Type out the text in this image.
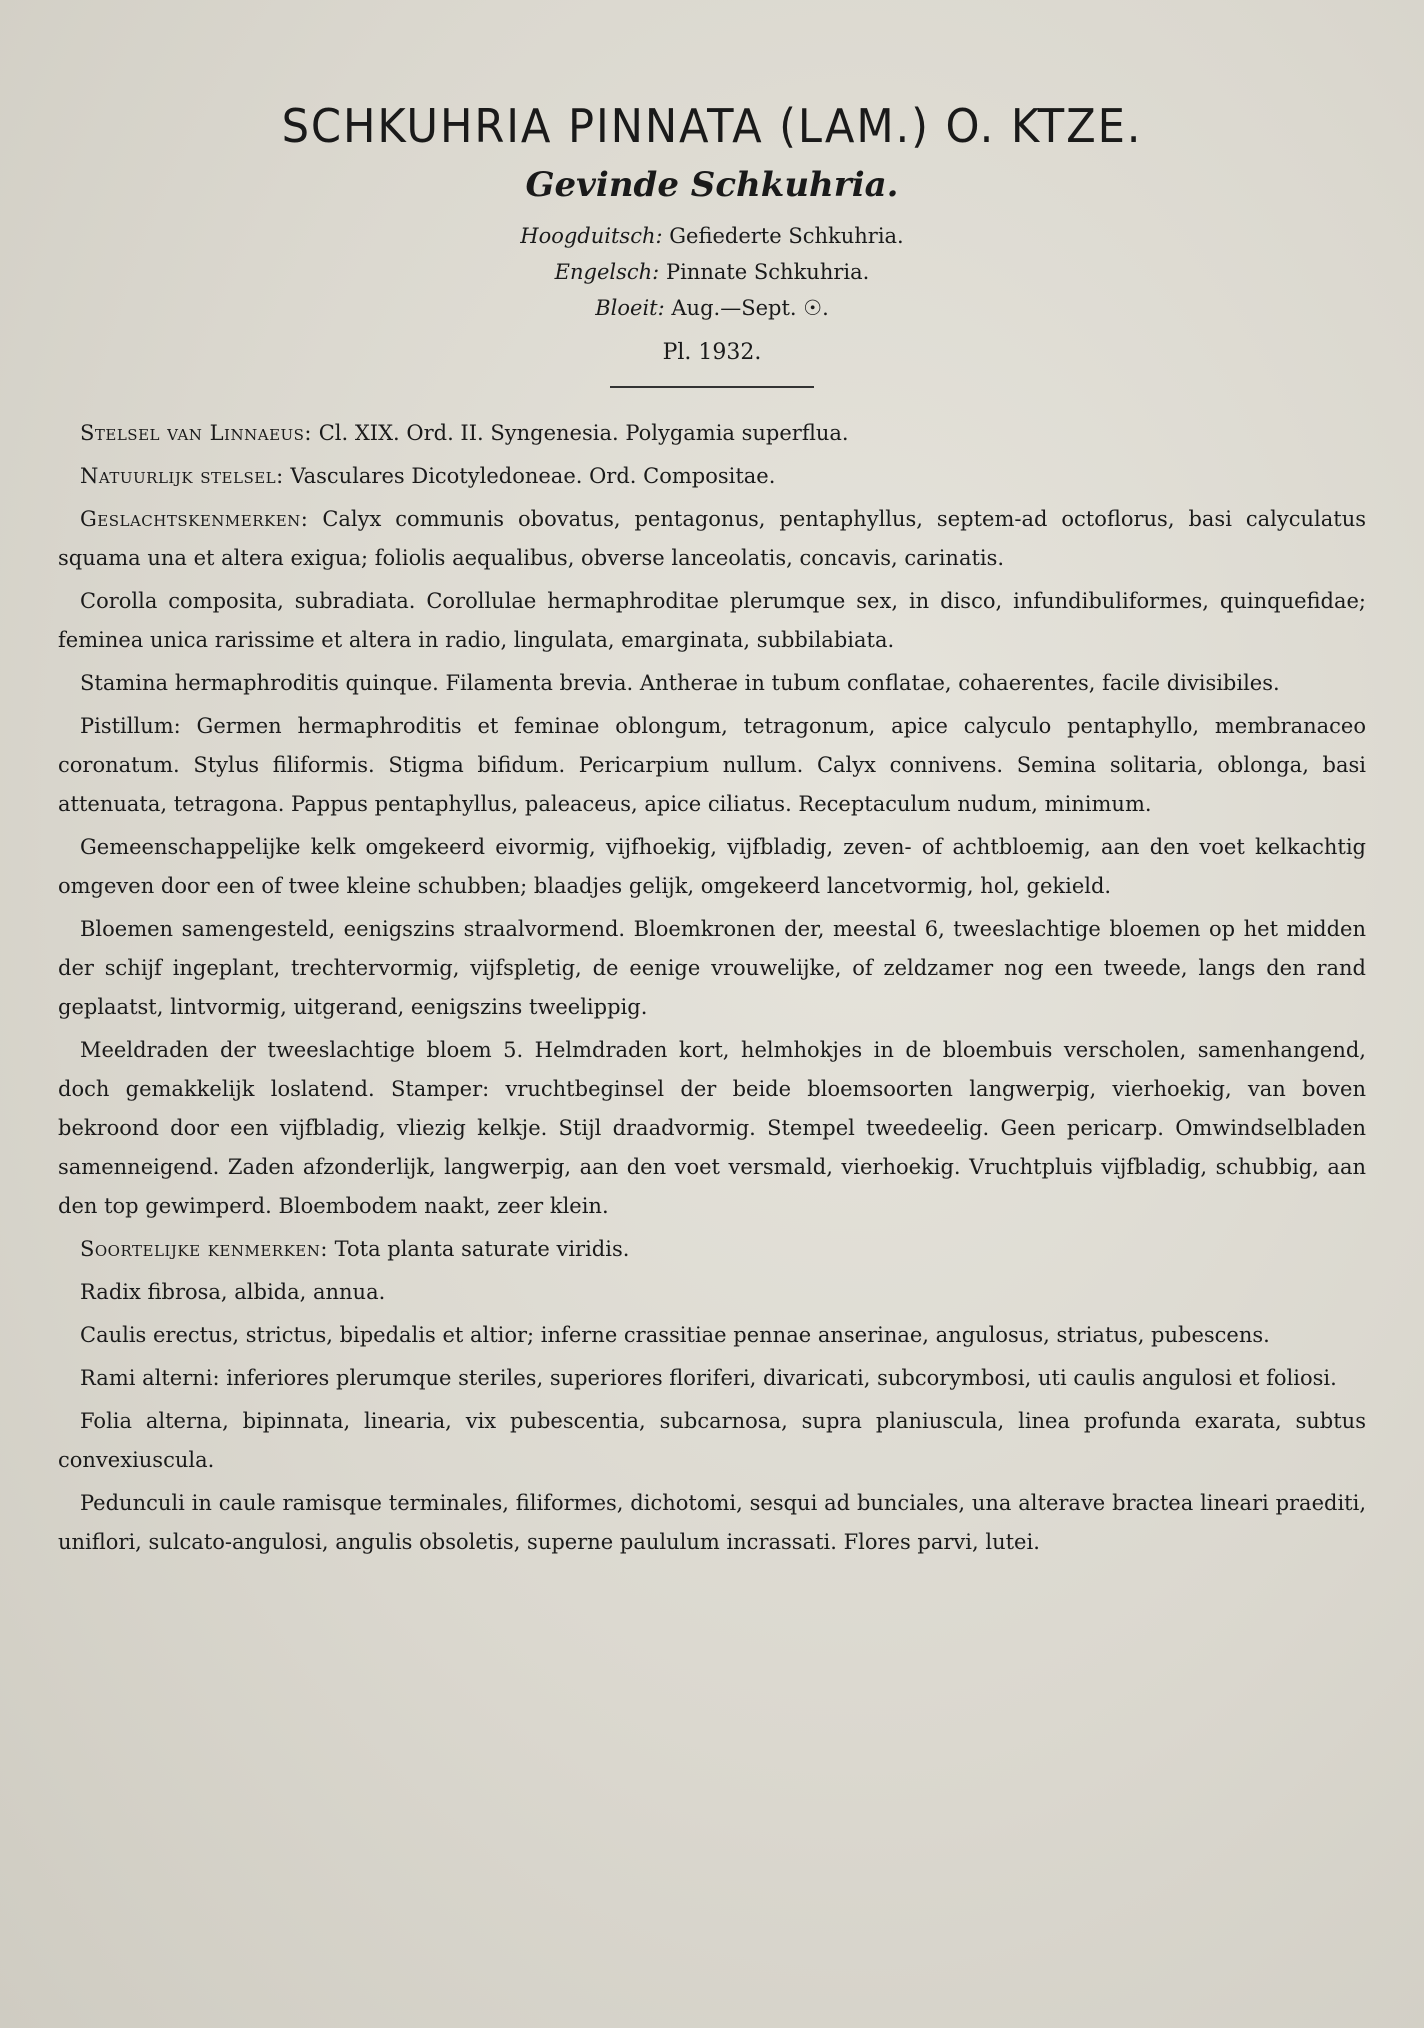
SCHKUHRIA PINNATA (LAM.) O. KTZE.
Gevinde Schkuhria.
Hoogduitsch: Gefiederte Schkuhria.
Engelsch: Pinnate Schkuhria.
Bloeit: Aug.—Sept. ☉.
Pl. 1932.

Stelsel van Linnaeus: Cl. XIX. Ord. II. Syngenesia. Polygamia superflua.

Natuurlijk stelsel: Vasculares Dicotyledoneae. Ord. Compositae.

Geslachtskenmerken: Calyx communis obovatus, pentagonus, pentaphyllus, septem-ad octoflorus, basi calyculatus squama una et altera exigua; foliolis aequalibus, obverse lanceolatis, concavis, carinatis.

Corolla composita, subradiata. Corollulae hermaphroditae plerumque sex, in disco, infundibuliformes, quinquefidae; feminea unica rarissime et altera in radio, lingulata, emarginata, subbilabiata.

Stamina hermaphroditis quinque. Filamenta brevia. Antherae in tubum conflatae, cohaerentes, facile divisibiles.

Pistillum: Germen hermaphroditis et feminae oblongum, tetragonum, apice calyculo pentaphyllo, membranaceo coronatum. Stylus filiformis. Stigma bifidum. Pericarpium nullum. Calyx connivens. Semina solitaria, oblonga, basi attenuata, tetragona. Pappus pentaphyllus, paleaceus, apice ciliatus. Receptaculum nudum, minimum.

Gemeenschappelijke kelk omgekeerd eivormig, vijfhoekig, vijfbladig, zeven- of achtbloemig, aan den voet kelkachtig omgeven door een of twee kleine schubben; blaadjes gelijk, omgekeerd lancetvormig, hol, gekield.

Bloemen samengesteld, eenigszins straalvormend. Bloemkronen der, meestal 6, tweeslachtige bloemen op het midden der schijf ingeplant, trechtervormig, vijfspletig, de eenige vrouwelijke, of zeldzamer nog een tweede, langs den rand geplaatst, lintvormig, uitgerand, eenigszins tweelippig.

Meeldraden der tweeslachtige bloem 5. Helmdraden kort, helmhokjes in de bloembuis verscholen, samenhangend, doch gemakkelijk loslatend. Stamper: vruchtbeginsel der beide bloemsoorten langwerpig, vierhoekig, van boven bekroond door een vijfbladig, vliezig kelkje. Stijl draadvormig. Stempel tweedeelig. Geen pericarp. Omwindselbladen samenneigend. Zaden afzonderlijk, langwerpig, aan den voet versmald, vierhoekig. Vruchtpluis vijfbladig, schubbig, aan den top gewimperd. Bloembodem naakt, zeer klein.

Soortelijke kenmerken: Tota planta saturate viridis.

Radix fibrosa, albida, annua.

Caulis erectus, strictus, bipedalis et altior; inferne crassitiae pennae anserinae, angulosus, striatus, pubescens.

Rami alterni: inferiores plerumque steriles, superiores floriferi, divaricati, subcorymbosi, uti caulis angulosi et foliosi.

Folia alterna, bipinnata, linearia, vix pubescentia, subcarnosa, supra planiuscula, linea profunda exarata, subtus convexiuscula.

Pedunculi in caule ramisque terminales, filiformes, dichotomi, sesqui ad bunciales, una alterave bractea lineari praediti, uniflori, sulcato-angulosi, angulis obsoletis, superne paululum incrassati. Flores parvi, lutei.
